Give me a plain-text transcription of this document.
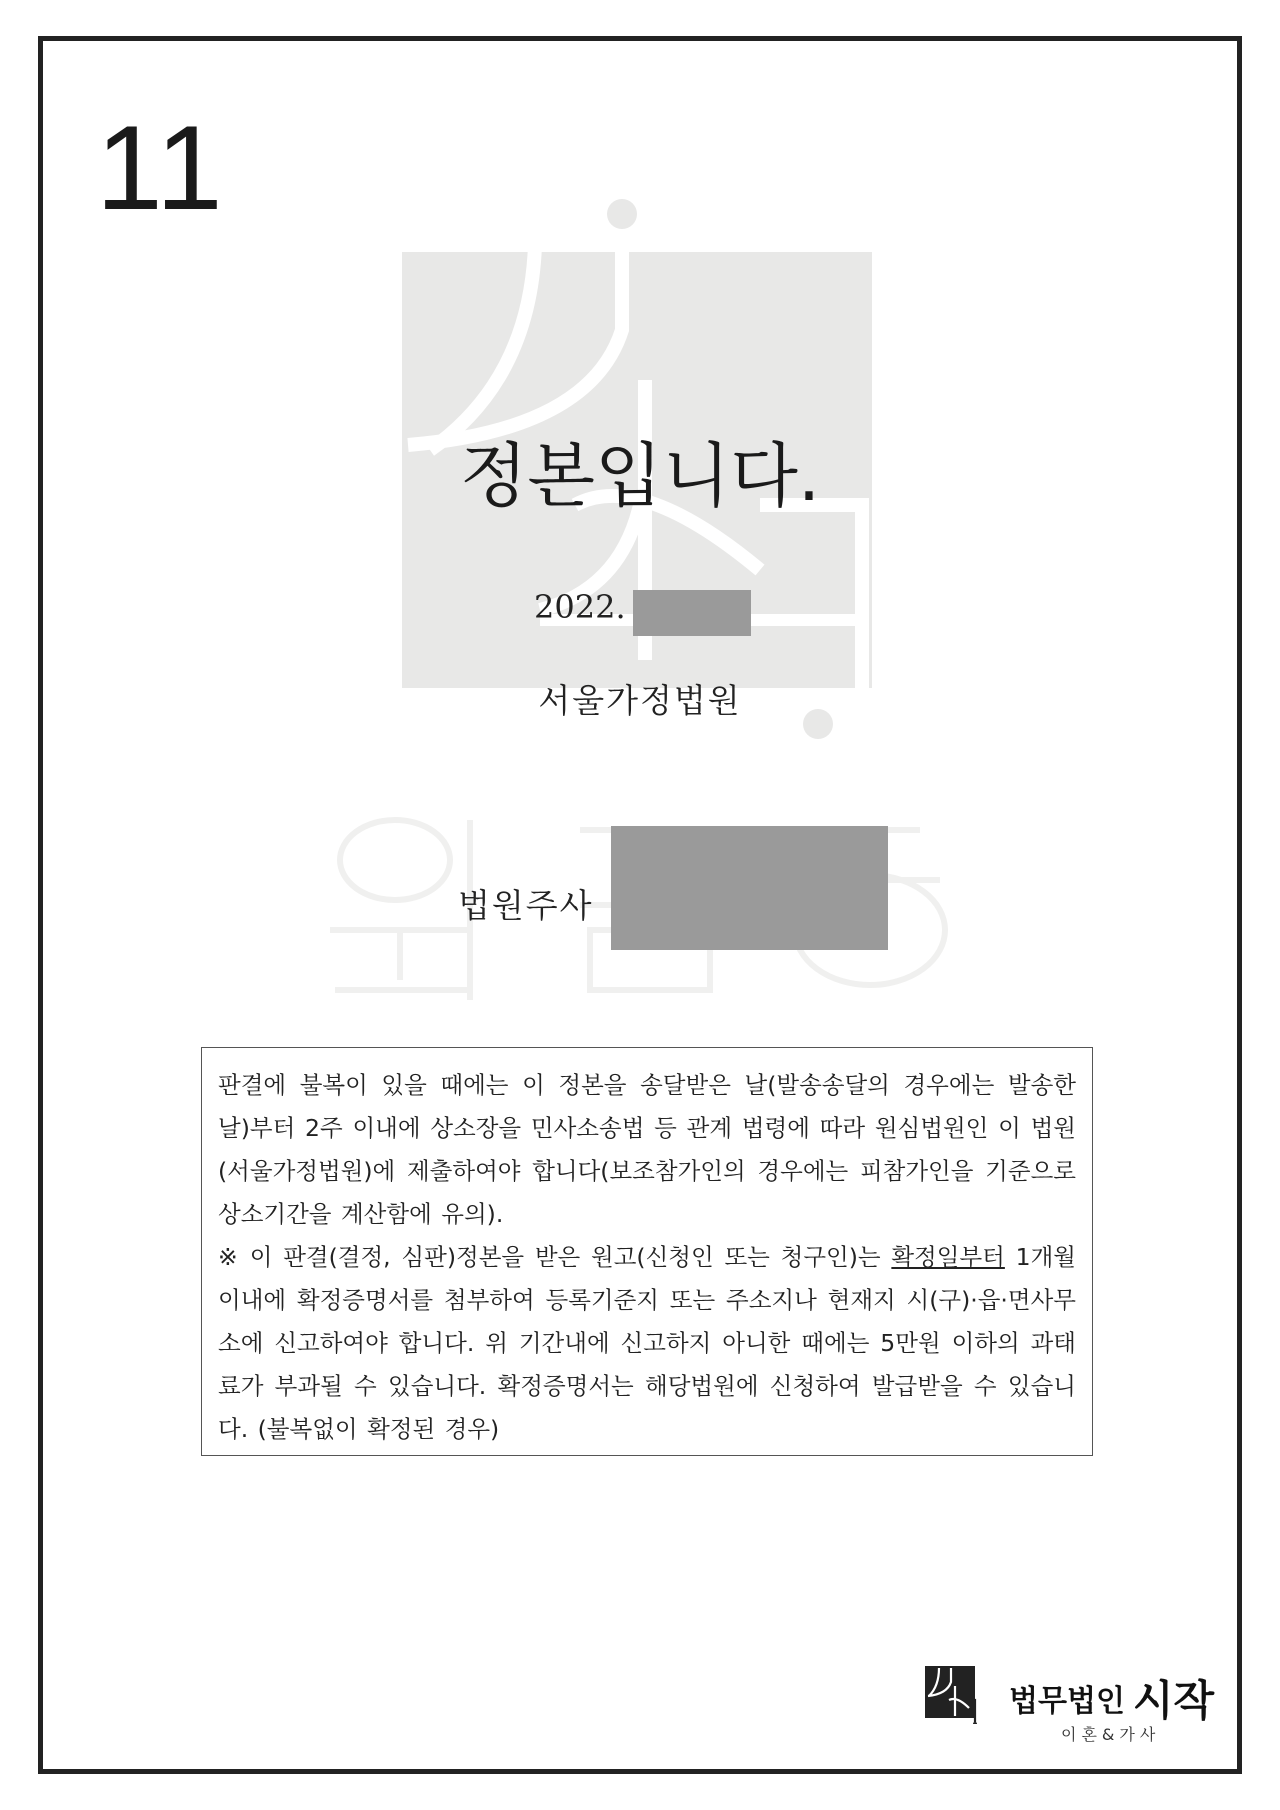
11
정본입니다.
2022.
서울가정법원
법원주사

판결에 불복이 있을 때에는 이 정본을 송달받은 날(발송송달의 경우에는 발송한 날)부터 2주 이내에 상소장을 민사소송법 등 관계 법령에 따라 원심법원인 이 법원(서울가정법원)에 제출하여야 합니다(보조참가인의 경우에는 피참가인을 기준으로 상소기간을 계산함에 유의).

※ 이 판결(결정, 심판)정본을 받은 원고(신청인 또는 청구인)는 확정일부터 1개월 이내에 확정증명서를 첨부하여 등록기준지 또는 주소지나 현재지 시(구)·읍·면사무소에 신고하여야 합니다. 위 기간내에 신고하지 아니한 때에는 5만원 이하의 과태료가 부과될 수 있습니다. 확정증명서는 해당법원에 신청하여 발급받을 수 있습니다. (불복없이 확정된 경우)

법무법인 시작
이혼&가사
